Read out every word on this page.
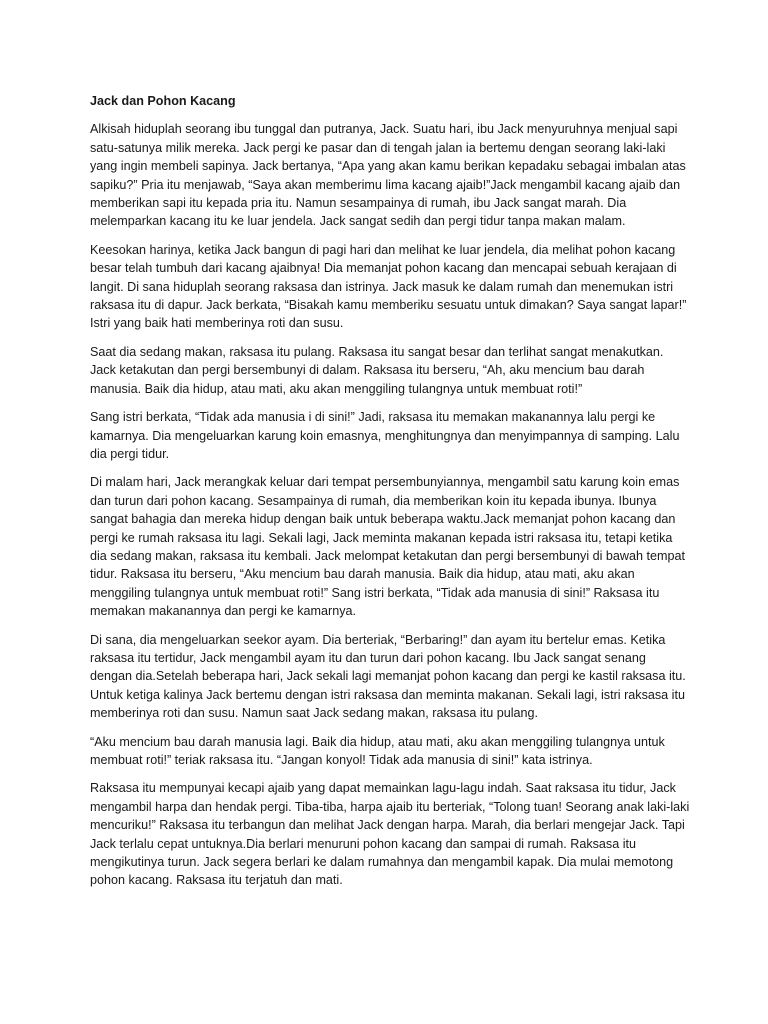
Jack dan Pohon Kacang

Alkisah hiduplah seorang ibu tunggal dan putranya, Jack. Suatu hari, ibu Jack menyuruhnya menjual sapi satu-satunya milik mereka. Jack pergi ke pasar dan di tengah jalan ia bertemu dengan seorang laki-laki yang ingin membeli sapinya. Jack bertanya, “Apa yang akan kamu berikan kepadaku sebagai imbalan atas sapiku?” Pria itu menjawab, “Saya akan memberimu lima kacang ajaib!”Jack mengambil kacang ajaib dan memberikan sapi itu kepada pria itu. Namun sesampainya di rumah, ibu Jack sangat marah. Dia melemparkan kacang itu ke luar jendela. Jack sangat sedih dan pergi tidur tanpa makan malam.

Keesokan harinya, ketika Jack bangun di pagi hari dan melihat ke luar jendela, dia melihat pohon kacang besar telah tumbuh dari kacang ajaibnya! Dia memanjat pohon kacang dan mencapai sebuah kerajaan di langit. Di sana hiduplah seorang raksasa dan istrinya. Jack masuk ke dalam rumah dan menemukan istri raksasa itu di dapur. Jack berkata, “Bisakah kamu memberiku sesuatu untuk dimakan? Saya sangat lapar!” Istri yang baik hati memberinya roti dan susu.

Saat dia sedang makan, raksasa itu pulang. Raksasa itu sangat besar dan terlihat sangat menakutkan. Jack ketakutan dan pergi bersembunyi di dalam. Raksasa itu berseru, “Ah, aku mencium bau darah manusia. Baik dia hidup, atau mati, aku akan menggiling tulangnya untuk membuat roti!”

Sang istri berkata, “Tidak ada manusia i di sini!” Jadi, raksasa itu memakan makanannya lalu pergi ke kamarnya. Dia mengeluarkan karung koin emasnya, menghitungnya dan menyimpannya di samping. Lalu dia pergi tidur.

Di malam hari, Jack merangkak keluar dari tempat persembunyiannya, mengambil satu karung koin emas dan turun dari pohon kacang. Sesampainya di rumah, dia memberikan koin itu kepada ibunya. Ibunya sangat bahagia dan mereka hidup dengan baik untuk beberapa waktu.Jack memanjat pohon kacang dan pergi ke rumah raksasa itu lagi. Sekali lagi, Jack meminta makanan kepada istri raksasa itu, tetapi ketika dia sedang makan, raksasa itu kembali. Jack melompat ketakutan dan pergi bersembunyi di bawah tempat tidur. Raksasa itu berseru, “Aku mencium bau darah manusia. Baik dia hidup, atau mati, aku akan menggiling tulangnya untuk membuat roti!” Sang istri berkata, “Tidak ada manusia di sini!” Raksasa itu memakan makanannya dan pergi ke kamarnya.

Di sana, dia mengeluarkan seekor ayam. Dia berteriak, “Berbaring!” dan ayam itu bertelur emas. Ketika raksasa itu tertidur, Jack mengambil ayam itu dan turun dari pohon kacang. Ibu Jack sangat senang dengan dia.Setelah beberapa hari, Jack sekali lagi memanjat pohon kacang dan pergi ke kastil raksasa itu. Untuk ketiga kalinya Jack bertemu dengan istri raksasa dan meminta makanan. Sekali lagi, istri raksasa itu memberinya roti dan susu. Namun saat Jack sedang makan, raksasa itu pulang.

“Aku mencium bau darah manusia lagi. Baik dia hidup, atau mati, aku akan menggiling tulangnya untuk membuat roti!” teriak raksasa itu. “Jangan konyol! Tidak ada manusia di sini!” kata istrinya.

Raksasa itu mempunyai kecapi ajaib yang dapat memainkan lagu-lagu indah. Saat raksasa itu tidur, Jack mengambil harpa dan hendak pergi. Tiba-tiba, harpa ajaib itu berteriak, “Tolong tuan! Seorang anak laki-laki mencuriku!” Raksasa itu terbangun dan melihat Jack dengan harpa. Marah, dia berlari mengejar Jack. Tapi Jack terlalu cepat untuknya.Dia berlari menuruni pohon kacang dan sampai di rumah. Raksasa itu mengikutinya turun. Jack segera berlari ke dalam rumahnya dan mengambil kapak. Dia mulai memotong pohon kacang. Raksasa itu terjatuh dan mati.
